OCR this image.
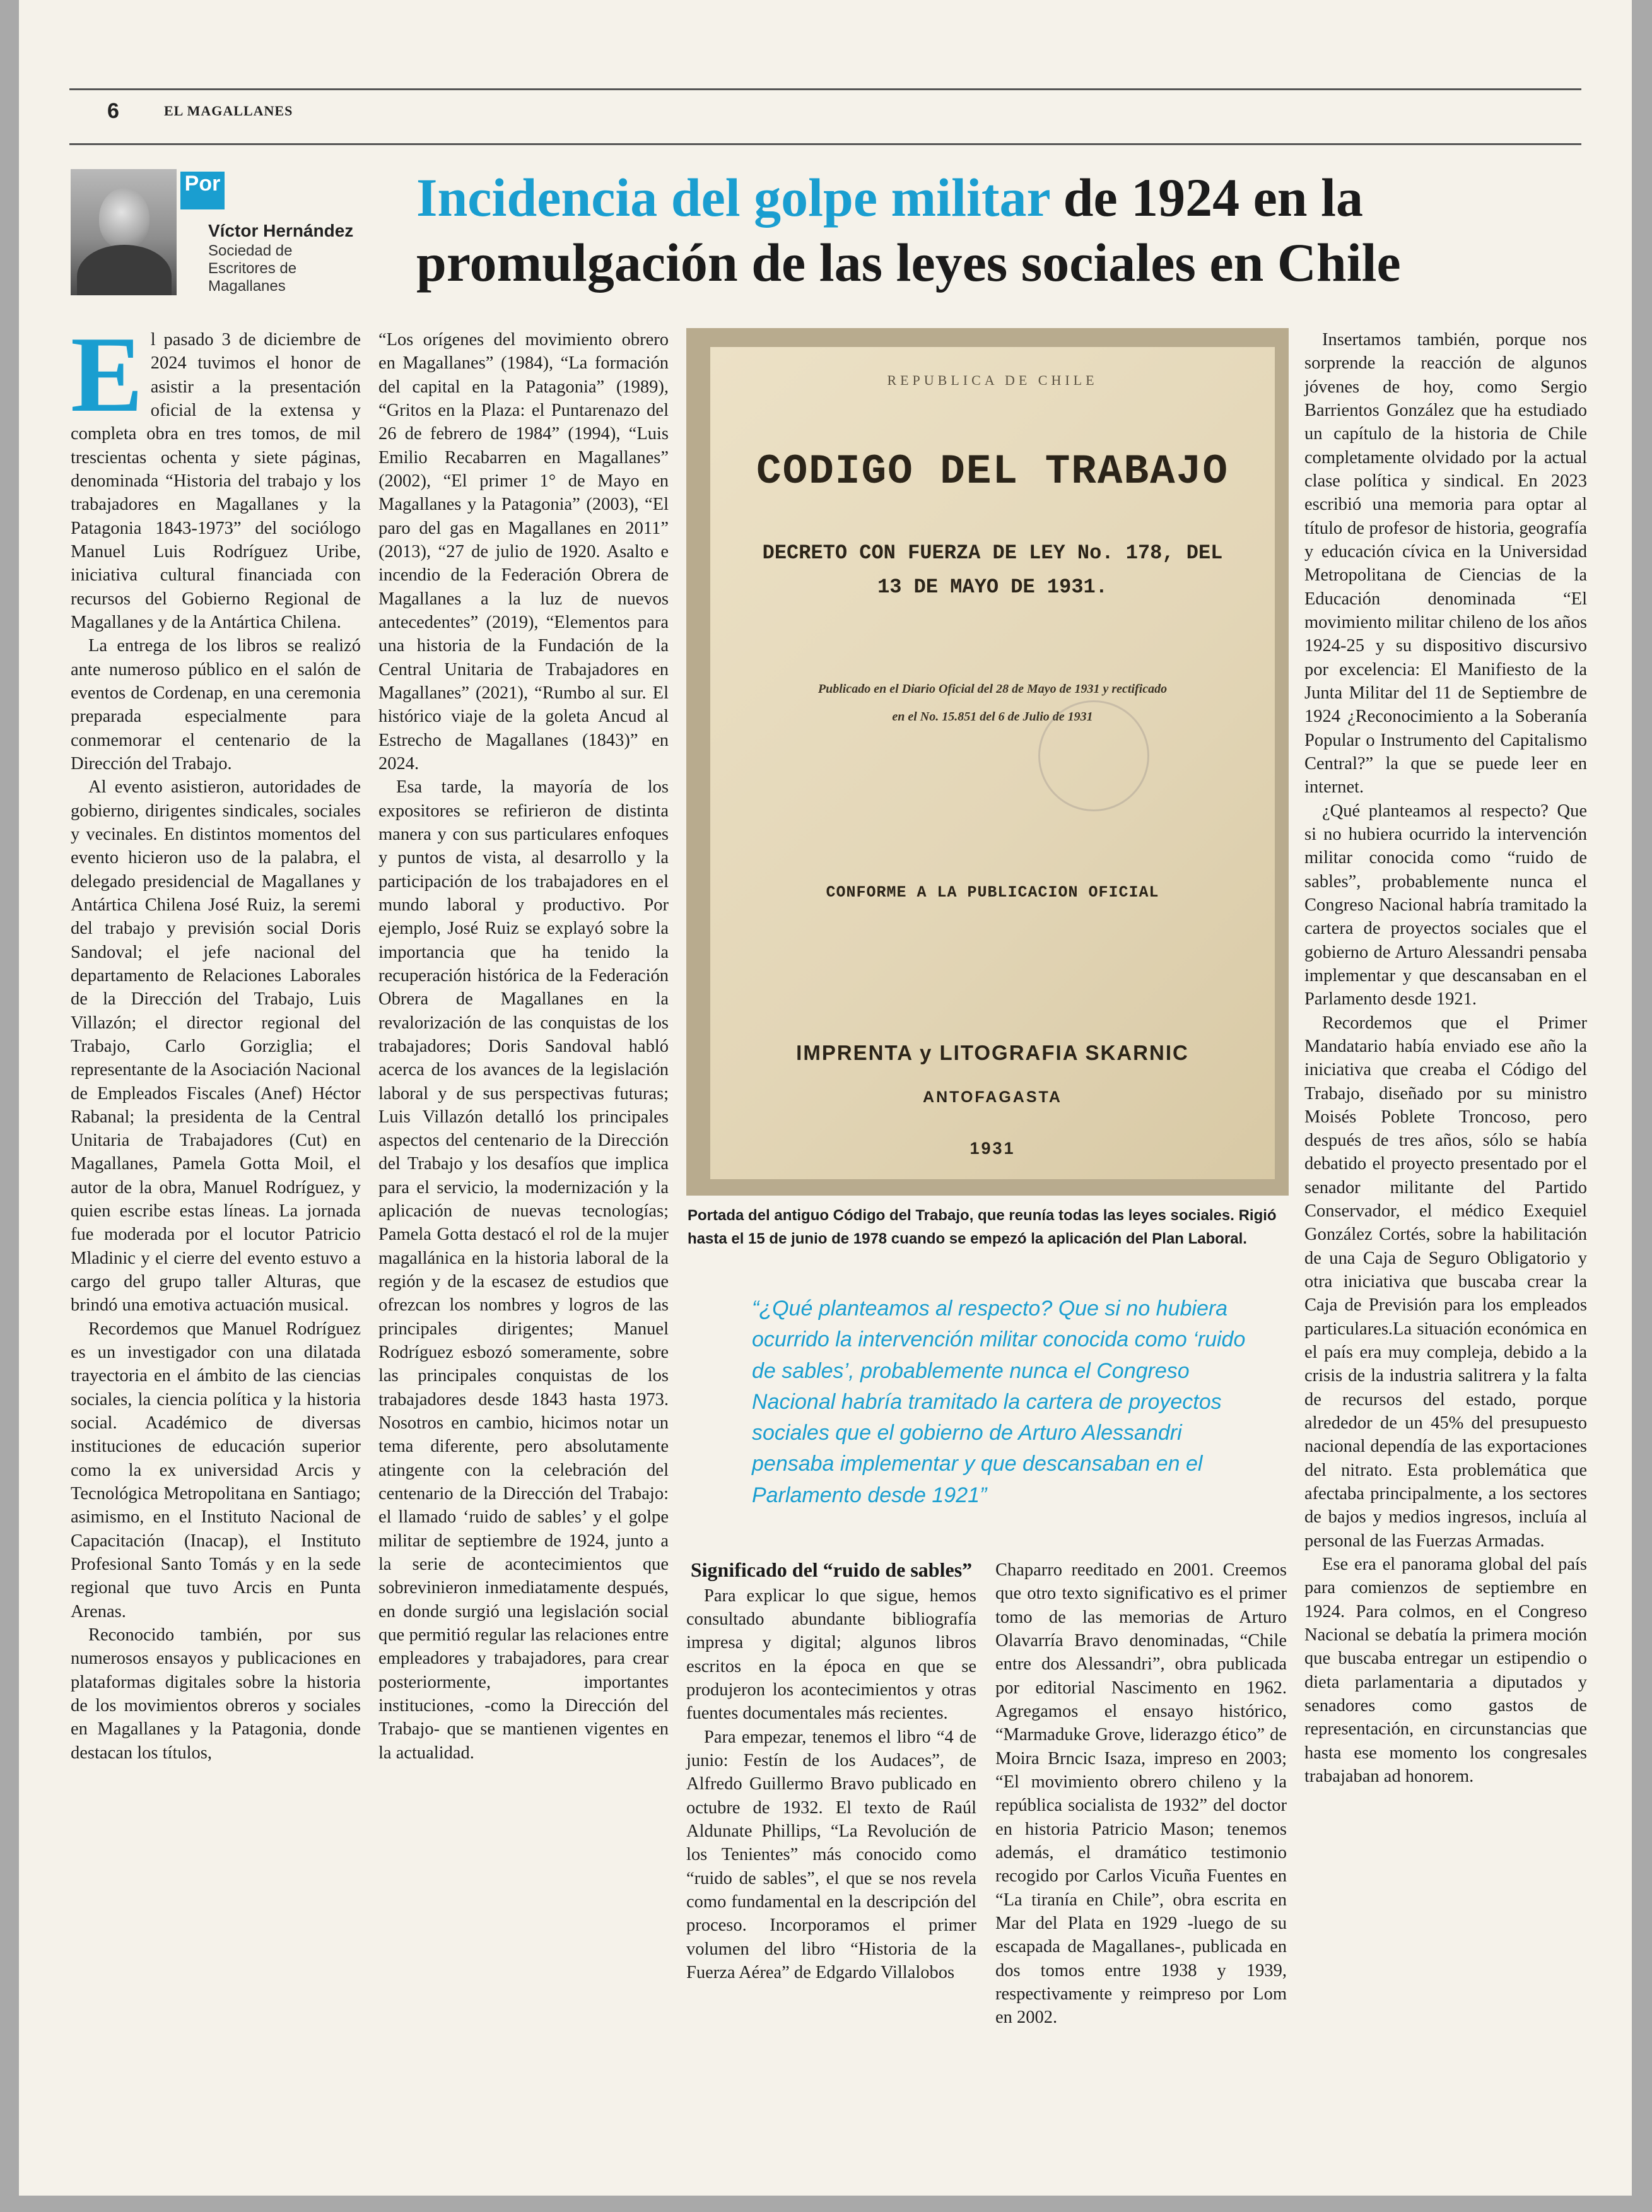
6	EL MAGALLANES
Por
Víctor Hernández
Sociedad de Escritores de Magallanes
Incidencia del golpe militar de 1924 en la promulgación de las leyes sociales en Chile

El pasado 3 de diciembre de 2024 tuvimos el honor de asistir a la presentación oficial de la extensa y completa obra en tres tomos, de mil trescientas ochenta y siete páginas, denominada “Historia del trabajo y los trabajadores en Magallanes y la Patagonia 1843-1973” del sociólogo Manuel Luis Rodríguez Uribe, iniciativa cultural financiada con recursos del Gobierno Regional de Magallanes y de la Antártica Chilena.

La entrega de los libros se realizó ante numeroso público en el salón de eventos de Cordenap, en una ceremonia preparada especialmente para conmemorar el centenario de la Dirección del Trabajo.

Al evento asistieron, autoridades de gobierno, dirigentes sindicales, sociales y vecinales. En distintos momentos del evento hicieron uso de la palabra, el delegado presidencial de Magallanes y Antártica Chilena José Ruiz, la seremi del trabajo y previsión social Doris Sandoval; el jefe nacional del departamento de Relaciones Laborales de la Dirección del Trabajo, Luis Villazón; el director regional del Trabajo, Carlo Gorziglia; el representante de la Asociación Nacional de Empleados Fiscales (Anef) Héctor Rabanal; la presidenta de la Central Unitaria de Trabajadores (Cut) en Magallanes, Pamela Gotta Moil, el autor de la obra, Manuel Rodríguez, y quien escribe estas líneas. La jornada fue moderada por el locutor Patricio Mladinic y el cierre del evento estuvo a cargo del grupo taller Alturas, que brindó una emotiva actuación musical.

Recordemos que Manuel Rodríguez es un investigador con una dilatada trayectoria en el ámbito de las ciencias sociales, la ciencia política y la historia social. Académico de diversas instituciones de educación superior como la ex universidad Arcis y Tecnológica Metropolitana en Santiago; asimismo, en el Instituto Nacional de Capacitación (Inacap), el Instituto Profesional Santo Tomás y en la sede regional que tuvo Arcis en Punta Arenas.

Reconocido también, por sus numerosos ensayos y publicaciones en plataformas digitales sobre la historia de los movimientos obreros y sociales en Magallanes y la Patagonia, donde destacan los títulos,

“Los orígenes del movimiento obrero en Magallanes” (1984), “La formación del capital en la Patagonia” (1989), “Gritos en la Plaza: el Puntarenazo del 26 de febrero de 1984” (1994), “Luis Emilio Recabarren en Magallanes” (2002), “El primer 1° de Mayo en Magallanes y la Patagonia” (2003), “El paro del gas en Magallanes en 2011” (2013), “27 de julio de 1920. Asalto e incendio de la Federación Obrera de Magallanes a la luz de nuevos antecedentes” (2019), “Elementos para una historia de la Fundación de la Central Unitaria de Trabajadores en Magallanes” (2021), “Rumbo al sur. El histórico viaje de la goleta Ancud al Estrecho de Magallanes (1843)” en 2024.

Esa tarde, la mayoría de los expositores se refirieron de distinta manera y con sus particulares enfoques y puntos de vista, al desarrollo y la participación de los trabajadores en el mundo laboral y productivo. Por ejemplo, José Ruiz se explayó sobre la importancia que ha tenido la recuperación histórica de la Federación Obrera de Magallanes en la revalorización de las conquistas de los trabajadores; Doris Sandoval habló acerca de los avances de la legislación laboral y de sus perspectivas futuras; Luis Villazón detalló los principales aspectos del centenario de la Dirección del Trabajo y los desafíos que implica para el servicio, la modernización y la aplicación de nuevas tecnologías; Pamela Gotta destacó el rol de la mujer magallánica en la historia laboral de la región y de la escasez de estudios que ofrezcan los nombres y logros de las principales dirigentes; Manuel Rodríguez esbozó someramente, sobre las principales conquistas de los trabajadores desde 1843 hasta 1973. Nosotros en cambio, hicimos notar un tema diferente, pero absolutamente atingente con la celebración del centenario de la Dirección del Trabajo: el llamado ‘ruido de sables’ y el golpe militar de septiembre de 1924, junto a la serie de acontecimientos que sobrevinieron inmediatamente después, en donde surgió una legislación social que permitió regular las relaciones entre empleadores y trabajadores, para crear posteriormente, importantes instituciones, -como la Dirección del Trabajo- que se mantienen vigentes en la actualidad.

REPUBLICA DE CHILE
CODIGO DEL TRABAJO
DECRETO CON FUERZA DE LEY No. 178, DEL
13 DE MAYO DE 1931.
Publicado en el Diario Oficial del 28 de Mayo de 1931 y rectificado
en el No. 15.851 del 6 de Julio de 1931
CONFORME A LA PUBLICACION OFICIAL
IMPRENTA y LITOGRAFIA SKARNIC
ANTOFAGASTA
1931

Portada del antiguo Código del Trabajo, que reunía todas las leyes sociales. Rigió hasta el 15 de junio de 1978 cuando se empezó la aplicación del Plan Laboral.

“¿Qué planteamos al respecto? Que si no hubiera ocurrido la intervención militar conocida como ‘ruido de sables’, probablemente nunca el Congreso Nacional habría tramitado la cartera de proyectos sociales que el gobierno de Arturo Alessandri pensaba implementar y que descansaban en el Parlamento desde 1921”

Significado del “ruido de sables”

Para explicar lo que sigue, hemos consultado abundante bibliografía impresa y digital; algunos libros escritos en la época en que se produjeron los acontecimientos y otras fuentes documentales más recientes.

Para empezar, tenemos el libro “4 de junio: Festín de los Audaces”, de Alfredo Guillermo Bravo publicado en octubre de 1932. El texto de Raúl Aldunate Phillips, “La Revolución de los Tenientes” más conocido como “ruido de sables”, el que se nos revela como fundamental en la descripción del proceso. Incorporamos el primer volumen del libro “Historia de la Fuerza Aérea” de Edgardo Villalobos

Chaparro reeditado en 2001. Creemos que otro texto significativo es el primer tomo de las memorias de Arturo Olavarría Bravo denominadas, “Chile entre dos Alessandri”, obra publicada por editorial Nascimento en 1962. Agregamos el ensayo histórico, “Marmaduke Grove, liderazgo ético” de Moira Brncic Isaza, impreso en 2003; “El movimiento obrero chileno y la república socialista de 1932” del doctor en historia Patricio Mason; tenemos además, el dramático testimonio recogido por Carlos Vicuña Fuentes en “La tiranía en Chile”, obra escrita en Mar del Plata en 1929 -luego de su escapada de Magallanes-, publicada en dos tomos entre 1938 y 1939, respectivamente y reimpreso por Lom en 2002.

Insertamos también, porque nos sorprende la reacción de algunos jóvenes de hoy, como Sergio Barrientos González que ha estudiado un capítulo de la historia de Chile completamente olvidado por la actual clase política y sindical. En 2023 escribió una memoria para optar al título de profesor de historia, geografía y educación cívica en la Universidad Metropolitana de Ciencias de la Educación denominada “El movimiento militar chileno de los años 1924-25 y su dispositivo discursivo por excelencia: El Manifiesto de la Junta Militar del 11 de Septiembre de 1924 ¿Reconocimiento a la Soberanía Popular o Instrumento del Capitalismo Central?” la que se puede leer en internet.

¿Qué planteamos al respecto? Que si no hubiera ocurrido la intervención militar conocida como “ruido de sables”, probablemente nunca el Congreso Nacional habría tramitado la cartera de proyectos sociales que el gobierno de Arturo Alessandri pensaba implementar y que descansaban en el Parlamento desde 1921.

Recordemos que el Primer Mandatario había enviado ese año la iniciativa que creaba el Código del Trabajo, diseñado por su ministro Moisés Poblete Troncoso, pero después de tres años, sólo se había debatido el proyecto presentado por el senador militante del Partido Conservador, el médico Exequiel González Cortés, sobre la habilitación de una Caja de Seguro Obligatorio y otra iniciativa que buscaba crear la Caja de Previsión para los empleados particulares.La situación económica en el país era muy compleja, debido a la crisis de la industria salitrera y la falta de recursos del estado, porque alrededor de un 45% del presupuesto nacional dependía de las exportaciones del nitrato. Esta problemática que afectaba principalmente, a los sectores de bajos y medios ingresos, incluía al personal de las Fuerzas Armadas.

Ese era el panorama global del país para comienzos de septiembre en 1924. Para colmos, en el Congreso Nacional se debatía la primera moción que buscaba entregar un estipendio o dieta parlamentaria a diputados y senadores como gastos de representación, en circunstancias que hasta ese momento los congresales trabajaban ad honorem.
